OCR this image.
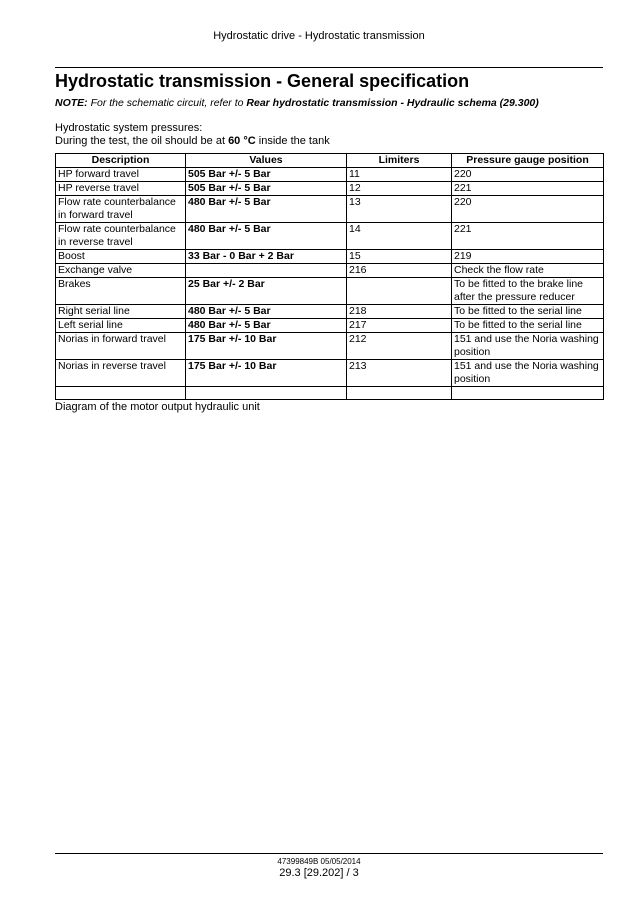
Hydrostatic drive - Hydrostatic transmission
Hydrostatic transmission - General specification
NOTE: For the schematic circuit, refer to Rear hydrostatic transmission - Hydraulic schema (29.300)
Hydrostatic system pressures:
During the test, the oil should be at 60 °C inside the tank
Description	Values	Limiters	Pressure gauge position
HP forward travel	505 Bar +/- 5 Bar	11	220
HP reverse travel	505 Bar +/- 5 Bar	12	221
Flow rate counterbalance in forward travel	480 Bar +/- 5 Bar	13	220
Flow rate counterbalance in reverse travel	480 Bar +/- 5 Bar	14	221
Boost	33 Bar - 0 Bar + 2 Bar	15	219
Exchange valve		216	Check the flow rate
Brakes	25 Bar +/- 2 Bar		To be fitted to the brake line after the pressure reducer
Right serial line	480 Bar +/- 5 Bar	218	To be fitted to the serial line
Left serial line	480 Bar +/- 5 Bar	217	To be fitted to the serial line
Norias in forward travel	175 Bar +/- 10 Bar	212	151 and use the Noria washing position
Norias in reverse travel	175 Bar +/- 10 Bar	213	151 and use the Noria washing position

Diagram of the motor output hydraulic unit
47399849B 05/05/2014
29.3 [29.202] / 3
